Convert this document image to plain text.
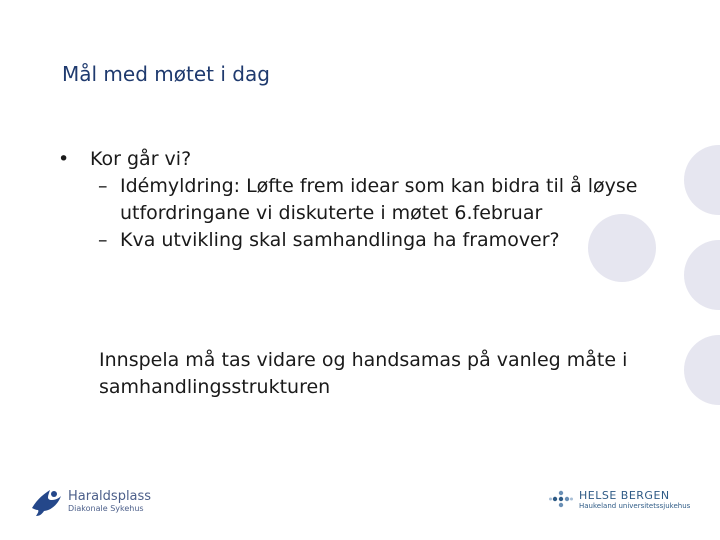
Mål med møtet i dag
•	Kor går vi?
– Idémyldring: Løfte frem idear som kan bidra til å løyse utfordringane vi diskuterte i møtet 6.februar
– Kva utvikling skal samhandlinga ha framover?
Innspela må tas vidare og handsamas på vanleg måte i samhandlingsstrukturen
Haraldsplass
Diakonale Sykehus
HELSE BERGEN
Haukeland universitetssjukehus
